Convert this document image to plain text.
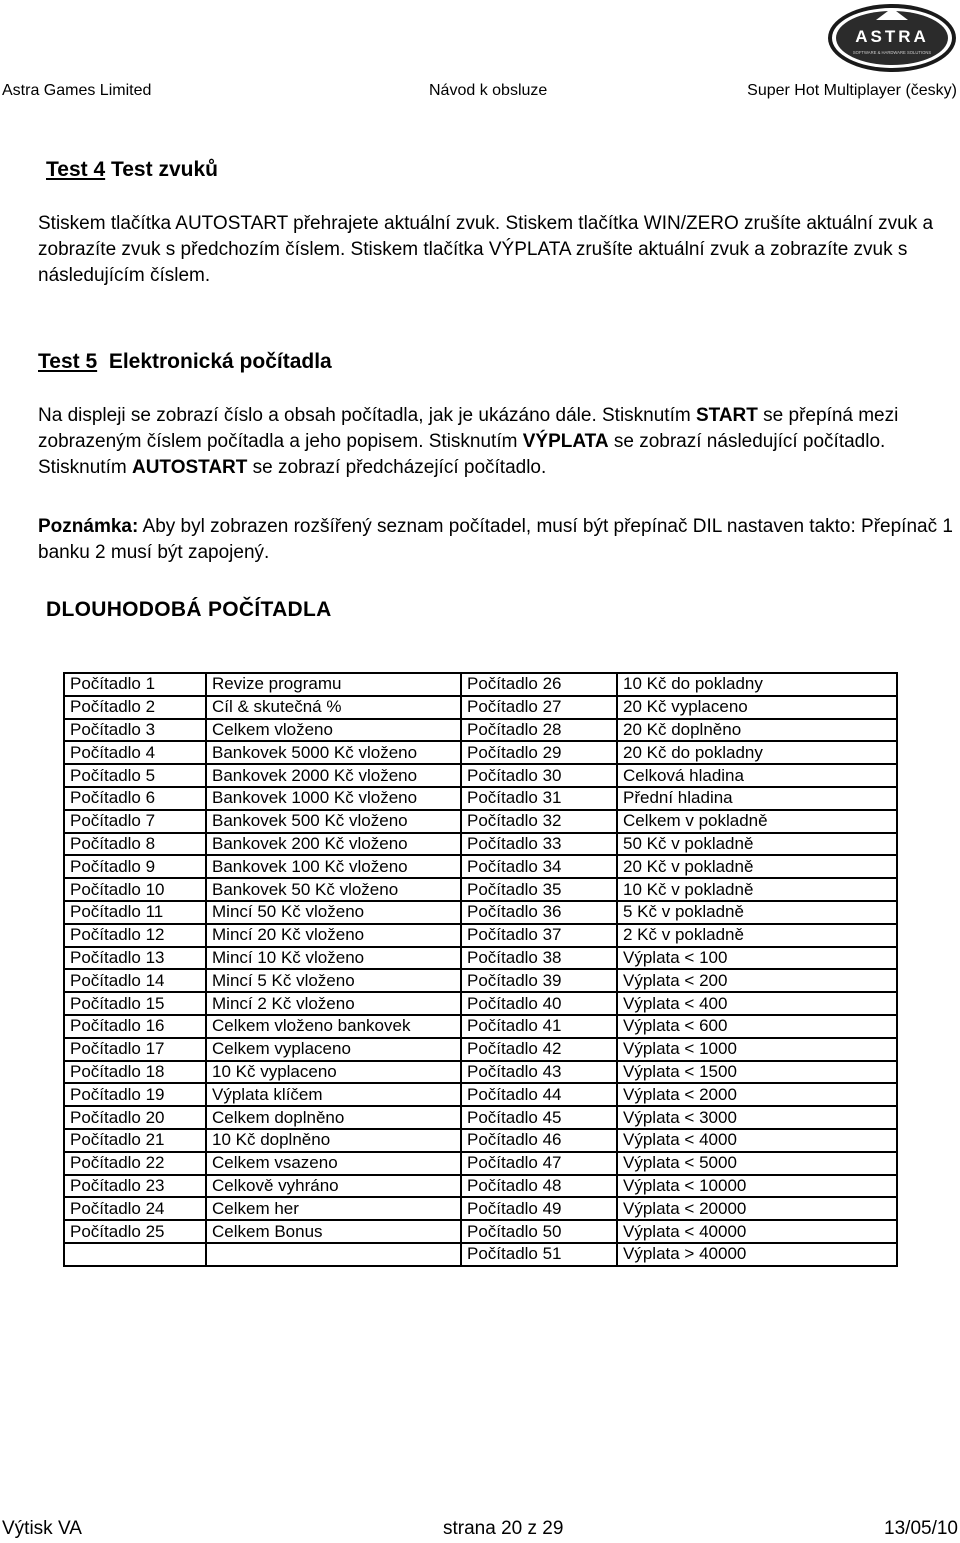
ASTRA
SOFTWARE & HARDWARE SOLUTIONS
Astra Games Limited	Návod k obsluze	Super Hot Multiplayer (česky)
Test 4 Test zvuků
Stiskem tlačítka AUTOSTART přehrajete aktuální zvuk. Stiskem tlačítka WIN/ZERO zrušíte aktuální zvuk a zobrazíte zvuk s předchozím číslem. Stiskem tlačítka VÝPLATA zrušíte aktuální zvuk a zobrazíte zvuk s následujícím číslem.
Test 5 Elektronická počítadla
Na displeji se zobrazí číslo a obsah počítadla, jak je ukázáno dále. Stisknutím START se přepíná mezi zobrazeným číslem počítadla a jeho popisem. Stisknutím VÝPLATA se zobrazí následující počítadlo. Stisknutím AUTOSTART se zobrazí předcházející počítadlo.
Poznámka: Aby byl zobrazen rozšířený seznam počítadel, musí být přepínač DIL nastaven takto: Přepínač 1 banku 2 musí být zapojený.
DLOUHODOBÁ POČÍTADLA
Počítadlo 1	Revize programu	Počítadlo 26	10 Kč do pokladny
Počítadlo 2	Cíl & skutečná %	Počítadlo 27	20 Kč vyplaceno
Počítadlo 3	Celkem vloženo	Počítadlo 28	20 Kč doplněno
Počítadlo 4	Bankovek 5000 Kč vloženo	Počítadlo 29	20 Kč do pokladny
Počítadlo 5	Bankovek 2000 Kč vloženo	Počítadlo 30	Celková hladina
Počítadlo 6	Bankovek 1000 Kč vloženo	Počítadlo 31	Přední hladina
Počítadlo 7	Bankovek 500 Kč vloženo	Počítadlo 32	Celkem v pokladně
Počítadlo 8	Bankovek 200 Kč vloženo	Počítadlo 33	50 Kč v pokladně
Počítadlo 9	Bankovek 100 Kč vloženo	Počítadlo 34	20 Kč v pokladně
Počítadlo 10	Bankovek 50 Kč vloženo	Počítadlo 35	10 Kč v pokladně
Počítadlo 11	Mincí 50 Kč vloženo	Počítadlo 36	5 Kč v pokladně
Počítadlo 12	Mincí 20 Kč vloženo	Počítadlo 37	2 Kč v pokladně
Počítadlo 13	Mincí 10 Kč vloženo	Počítadlo 38	Výplata < 100
Počítadlo 14	Mincí 5 Kč vloženo	Počítadlo 39	Výplata < 200
Počítadlo 15	Mincí 2 Kč vloženo	Počítadlo 40	Výplata < 400
Počítadlo 16	Celkem vloženo bankovek	Počítadlo 41	Výplata < 600
Počítadlo 17	Celkem vyplaceno	Počítadlo 42	Výplata < 1000
Počítadlo 18	10 Kč vyplaceno	Počítadlo 43	Výplata < 1500
Počítadlo 19	Výplata klíčem	Počítadlo 44	Výplata < 2000
Počítadlo 20	Celkem doplněno	Počítadlo 45	Výplata < 3000
Počítadlo 21	10 Kč doplněno	Počítadlo 46	Výplata < 4000
Počítadlo 22	Celkem vsazeno	Počítadlo 47	Výplata < 5000
Počítadlo 23	Celkově vyhráno	Počítadlo 48	Výplata < 10000
Počítadlo 24	Celkem her	Počítadlo 49	Výplata < 20000
Počítadlo 25	Celkem Bonus	Počítadlo 50	Výplata < 40000
		Počítadlo 51	Výplata > 40000
Výtisk VA	strana 20 z 29	13/05/10
